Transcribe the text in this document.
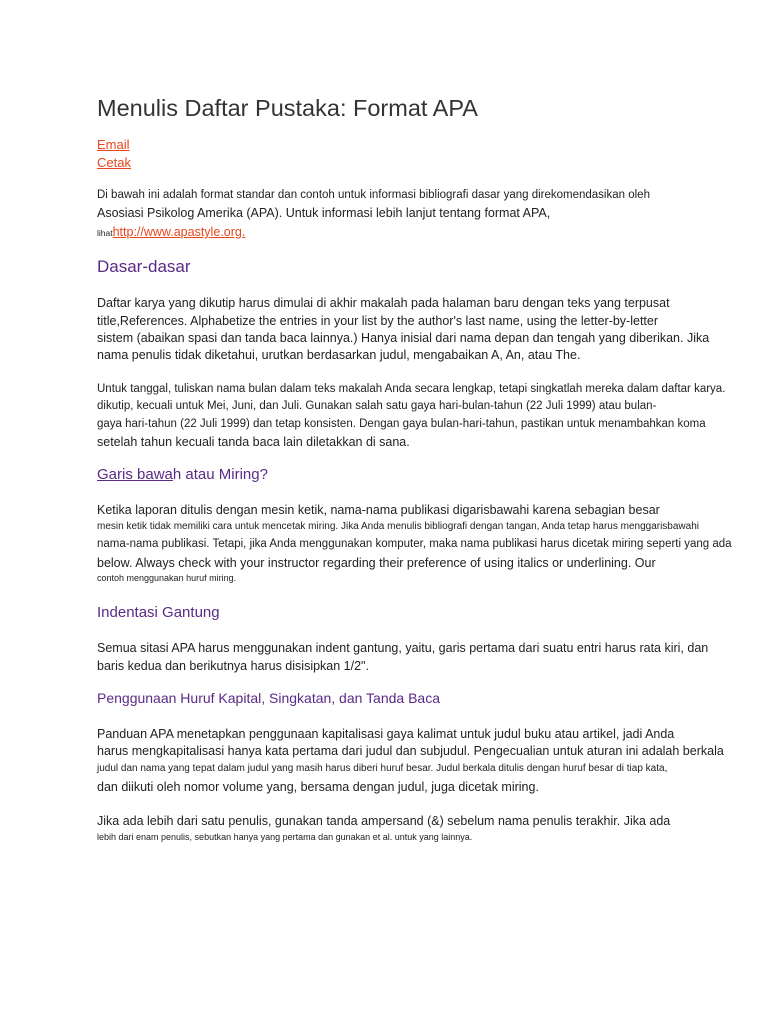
Menulis Daftar Pustaka: Format APA
Email
Cetak
Di bawah ini adalah format standar dan contoh untuk informasi bibliografi dasar yang direkomendasikan oleh
Asosiasi Psikolog Amerika (APA). Untuk informasi lebih lanjut tentang format APA,
lihathttp://www.apastyle.org.
Dasar-dasar
Daftar karya yang dikutip harus dimulai di akhir makalah pada halaman baru dengan teks yang terpusat
title,References. Alphabetize the entries in your list by the author's last name, using the letter-by-letter
sistem (abaikan spasi dan tanda baca lainnya.) Hanya inisial dari nama depan dan tengah yang diberikan. Jika
nama penulis tidak diketahui, urutkan berdasarkan judul, mengabaikan A, An, atau The.
Untuk tanggal, tuliskan nama bulan dalam teks makalah Anda secara lengkap, tetapi singkatlah mereka dalam daftar karya.
dikutip, kecuali untuk Mei, Juni, dan Juli. Gunakan salah satu gaya hari-bulan-tahun (22 Juli 1999) atau bulan-
gaya hari-tahun (22 Juli 1999) dan tetap konsisten. Dengan gaya bulan-hari-tahun, pastikan untuk menambahkan koma
setelah tahun kecuali tanda baca lain diletakkan di sana.
Garis bawah atau Miring?
Ketika laporan ditulis dengan mesin ketik, nama-nama publikasi digarisbawahi karena sebagian besar
mesin ketik tidak memiliki cara untuk mencetak miring. Jika Anda menulis bibliografi dengan tangan, Anda tetap harus menggarisbawahi
nama-nama publikasi. Tetapi, jika Anda menggunakan komputer, maka nama publikasi harus dicetak miring seperti yang ada
below. Always check with your instructor regarding their preference of using italics or underlining. Our
contoh menggunakan huruf miring.
Indentasi Gantung
Semua sitasi APA harus menggunakan indent gantung, yaitu, garis pertama dari suatu entri harus rata kiri, dan
baris kedua dan berikutnya harus disisipkan 1/2".
Penggunaan Huruf Kapital, Singkatan, dan Tanda Baca
Panduan APA menetapkan penggunaan kapitalisasi gaya kalimat untuk judul buku atau artikel, jadi Anda
harus mengkapitalisasi hanya kata pertama dari judul dan subjudul. Pengecualian untuk aturan ini adalah berkala
judul dan nama yang tepat dalam judul yang masih harus diberi huruf besar. Judul berkala ditulis dengan huruf besar di tiap kata,
dan diikuti oleh nomor volume yang, bersama dengan judul, juga dicetak miring.
Jika ada lebih dari satu penulis, gunakan tanda ampersand (&) sebelum nama penulis terakhir. Jika ada
lebih dari enam penulis, sebutkan hanya yang pertama dan gunakan et al. untuk yang lainnya.
